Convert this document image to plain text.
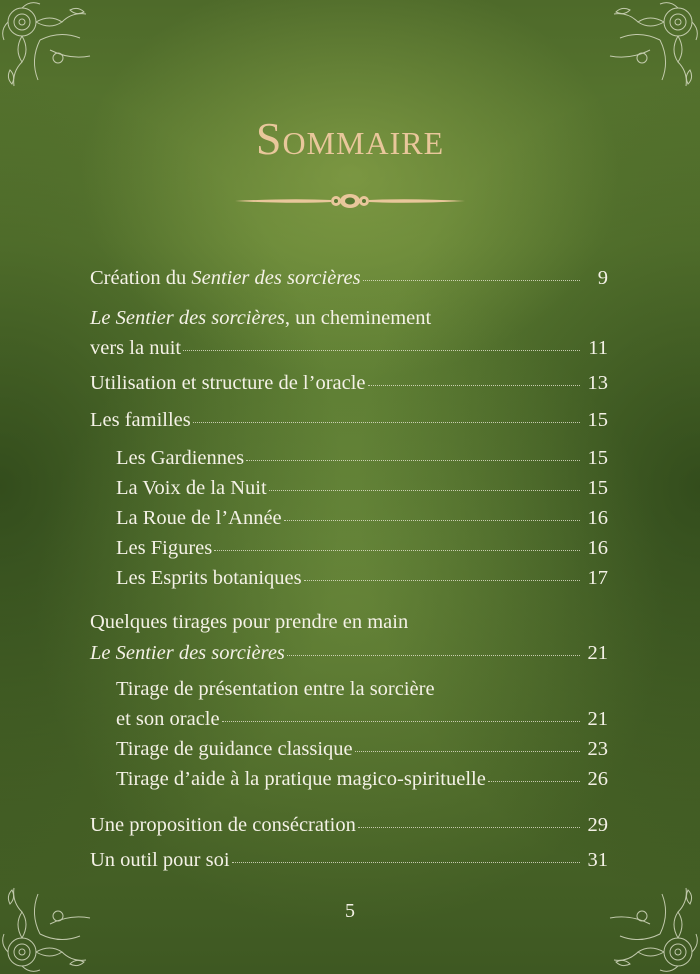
Sommaire
Création du Sentier des sorcières	9
Le Sentier des sorcières, un cheminement
vers la nuit	11
Utilisation et structure de l’oracle	13
Les familles	15
Les Gardiennes	15
La Voix de la Nuit	15
La Roue de l’Année	16
Les Figures	16
Les Esprits botaniques	17
Quelques tirages pour prendre en main
Le Sentier des sorcières	21
Tirage de présentation entre la sorcière
et son oracle	21
Tirage de guidance classique	23
Tirage d’aide à la pratique magico-spirituelle	26
Une proposition de consécration	29
Un outil pour soi	31
5
